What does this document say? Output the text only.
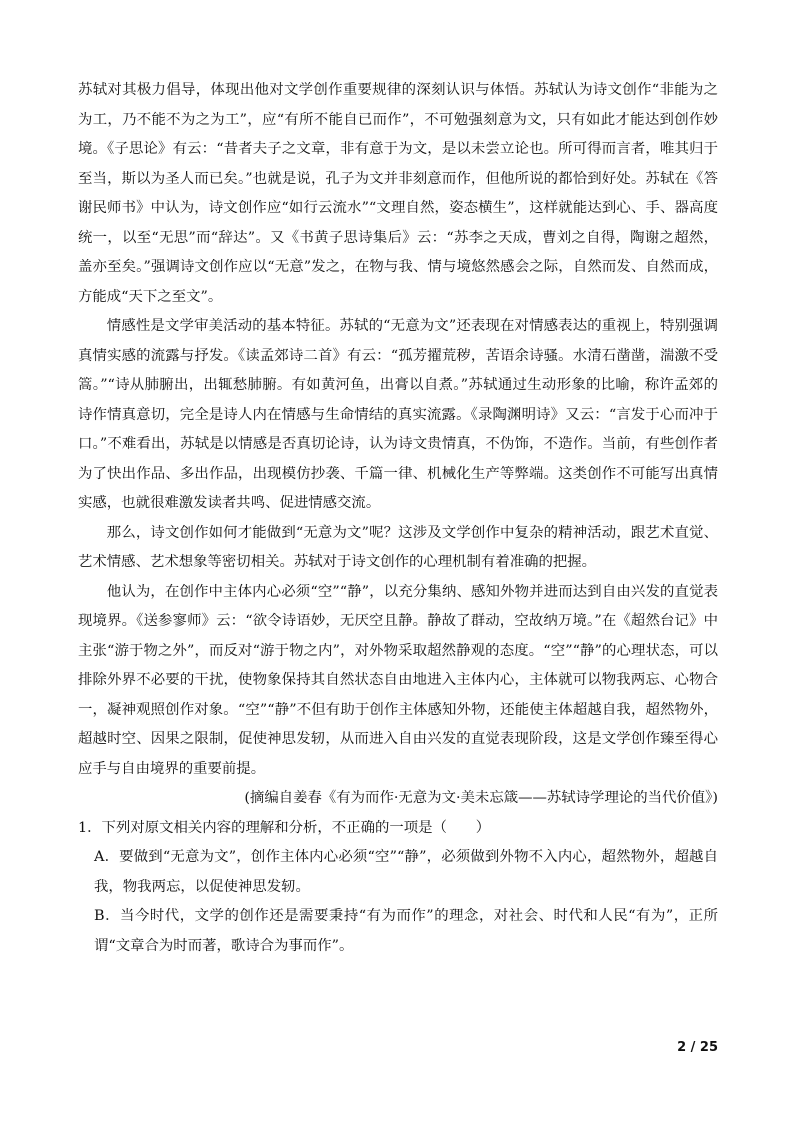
苏轼对其极力倡导，体现出他对文学创作重要规律的深刻认识与体悟。苏轼认为诗文创作“非能为之为工，乃不能不为之为工”，应“有所不能自已而作”，不可勉强刻意为文，只有如此才能达到创作妙境。《子思论》有云：“昔者夫子之文章，非有意于为文，是以未尝立论也。所可得而言者，唯其归于至当，斯以为圣人而已矣。”也就是说，孔子为文并非刻意而作，但他所说的都恰到好处。苏轼在《答谢民师书》中认为，诗文创作应“如行云流水”“文理自然，姿态横生”，这样就能达到心、手、器高度统一，以至“无思”而“辞达”。又《书黄子思诗集后》云：“苏李之天成，曹刘之自得，陶谢之超然，盖亦至矣。”强调诗文创作应以“无意”发之，在物与我、情与境悠然感会之际，自然而发、自然而成，方能成“天下之至文”。

情感性是文学审美活动的基本特征。苏轼的“无意为文”还表现在对情感表达的重视上，特别强调真情实感的流露与抒发。《读孟郊诗二首》有云：“孤芳擢荒秽，苦语余诗骚。水清石凿凿，湍激不受篙。”“诗从肺腑出，出辄愁肺腑。有如黄河鱼，出膏以自煮。”苏轼通过生动形象的比喻，称许孟郊的诗作情真意切，完全是诗人内在情感与生命情结的真实流露。《录陶渊明诗》又云：“言发于心而冲于口。”不难看出，苏轼是以情感是否真切论诗，认为诗文贵情真，不伪饰，不造作。当前，有些创作者为了快出作品、多出作品，出现模仿抄袭、千篇一律、机械化生产等弊端。这类创作不可能写出真情实感，也就很难激发读者共鸣、促进情感交流。

那么，诗文创作如何才能做到“无意为文”呢？这涉及文学创作中复杂的精神活动，跟艺术直觉、艺术情感、艺术想象等密切相关。苏轼对于诗文创作的心理机制有着准确的把握。

他认为，在创作中主体内心必须“空”“静”，以充分集纳、感知外物并进而达到自由兴发的直觉表现境界。《送参寥师》云：“欲令诗语妙，无厌空且静。静故了群动，空故纳万境。”在《超然台记》中主张“游于物之外”，而反对“游于物之内”，对外物采取超然静观的态度。“空”“静”的心理状态，可以排除外界不必要的干扰，使物象保持其自然状态自由地进入主体内心，主体就可以物我两忘、心物合一，凝神观照创作对象。“空”“静”不但有助于创作主体感知外物，还能使主体超越自我，超然物外，超越时空、因果之限制，促使神思发轫，从而进入自由兴发的直觉表现阶段，这是文学创作臻至得心应手与自由境界的重要前提。

(摘编自姜春《有为而作·无意为文·美未忘箴——苏轼诗学理论的当代价值》)

1．下列对原文相关内容的理解和分析，不正确的一项是（　　）

A．要做到“无意为文”，创作主体内心必须“空”“静”，必须做到外物不入内心，超然物外，超越自我，物我两忘，以促使神思发轫。

B．当今时代，文学的创作还是需要秉持“有为而作”的理念，对社会、时代和人民“有为”，正所谓“文章合为时而著，歌诗合为事而作”。

2 / 25
